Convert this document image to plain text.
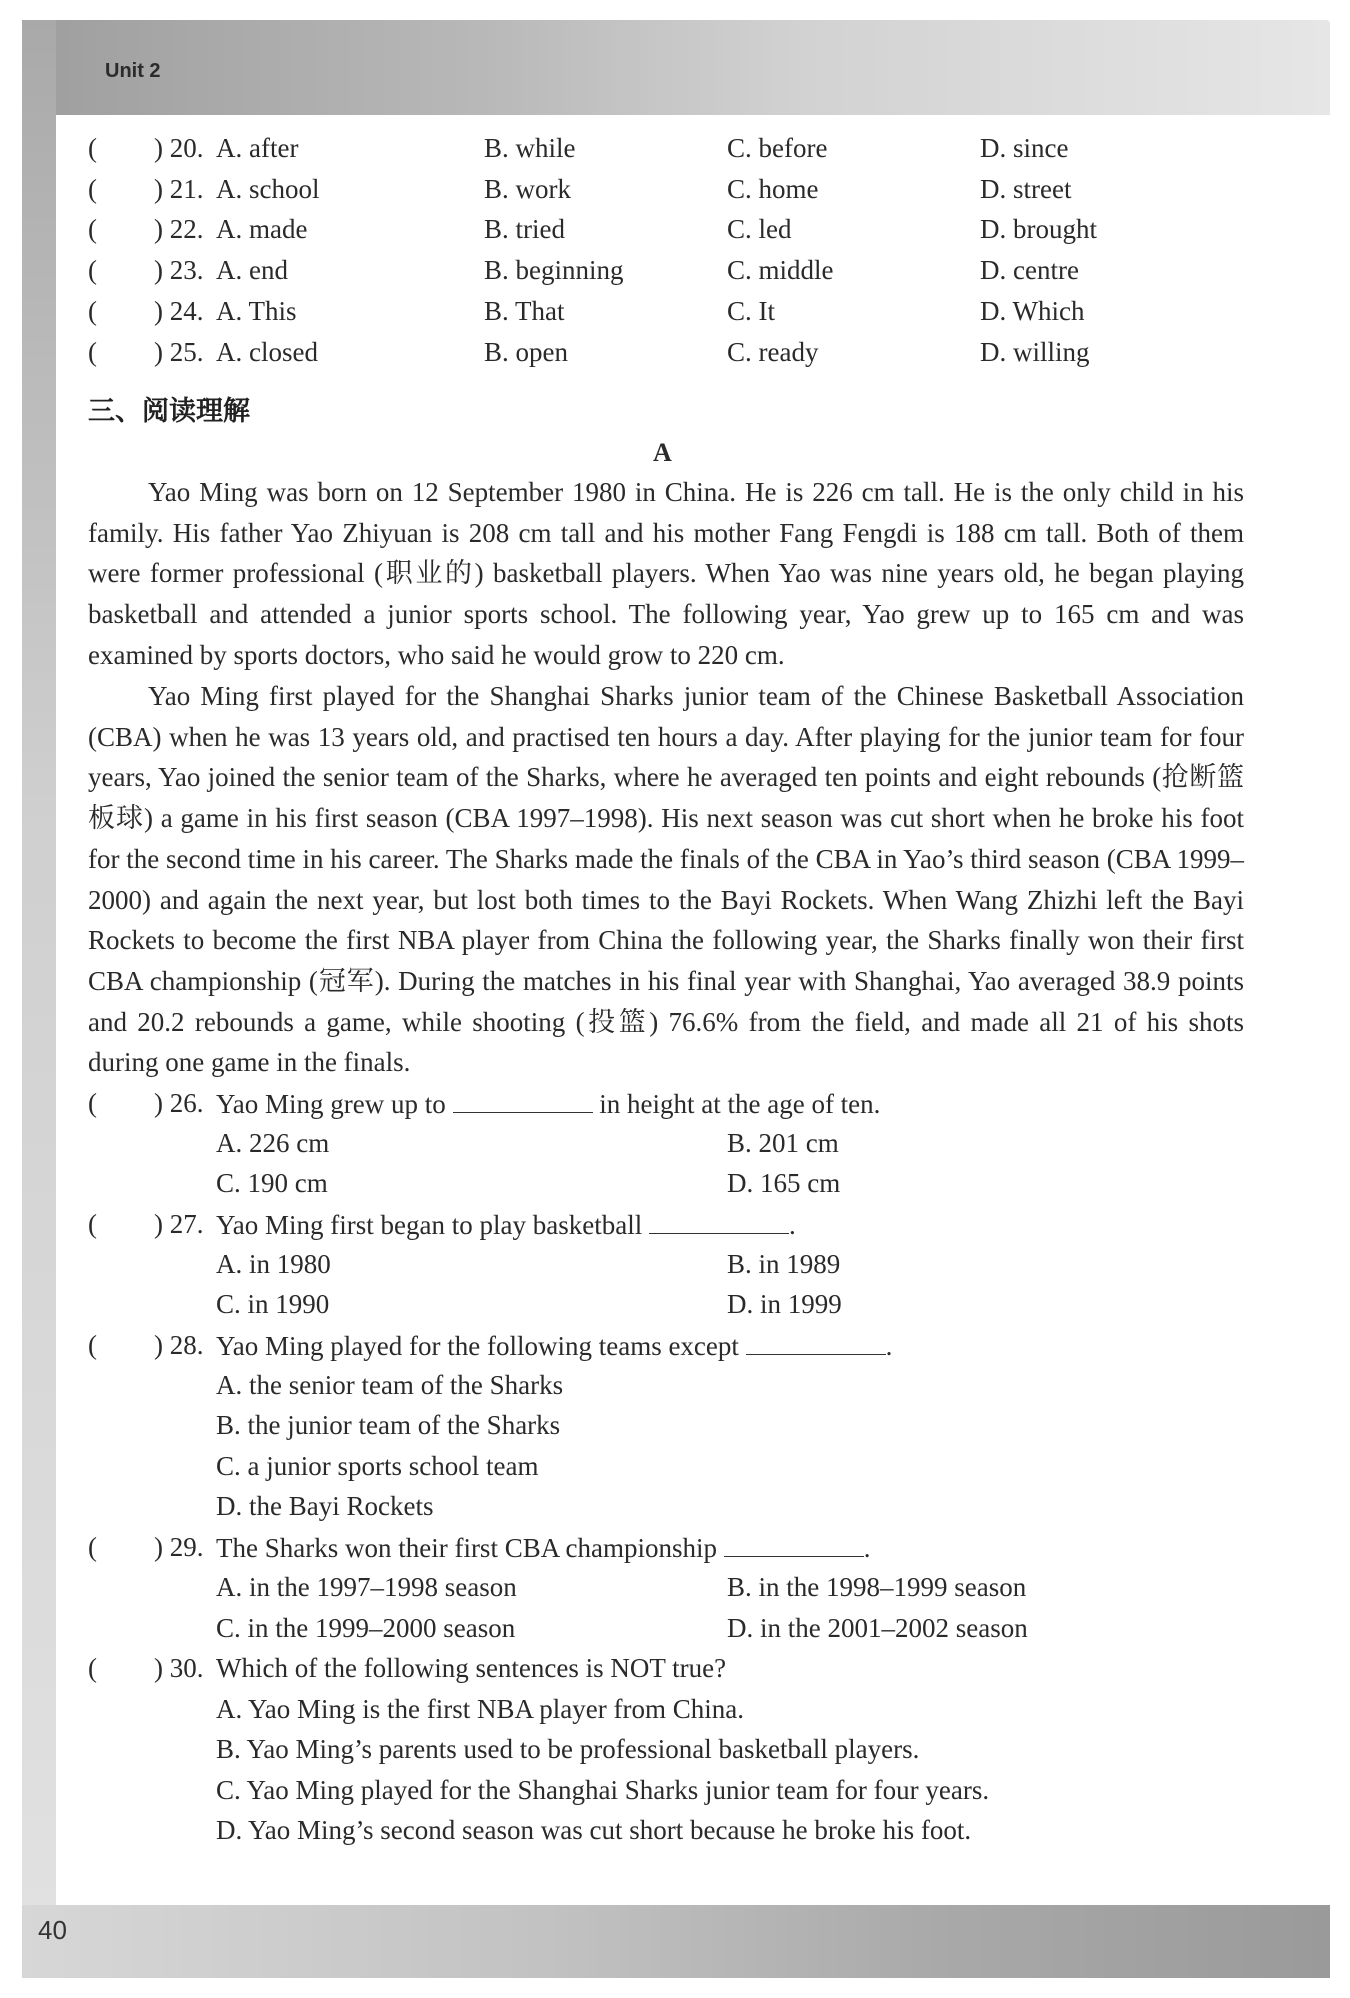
Unit 2
( ) 20. A. after	B. while	C. before	D. since
( ) 21. A. school	B. work	C. home	D. street
( ) 22. A. made	B. tried	C. led	D. brought
( ) 23. A. end	B. beginning	C. middle	D. centre
( ) 24. A. This	B. That	C. It	D. Which
( ) 25. A. closed	B. open	C. ready	D. willing
三、阅读理解
A
Yao Ming was born on 12 September 1980 in China. He is 226 cm tall. He is the only child in his family. His father Yao Zhiyuan is 208 cm tall and his mother Fang Fengdi is 188 cm tall. Both of them were former professional (职业的) basketball players. When Yao was nine years old, he began playing basketball and attended a junior sports school. The following year, Yao grew up to 165 cm and was examined by sports doctors, who said he would grow to 220 cm.
Yao Ming first played for the Shanghai Sharks junior team of the Chinese Basketball Association (CBA) when he was 13 years old, and practised ten hours a day. After playing for the junior team for four years, Yao joined the senior team of the Sharks, where he averaged ten points and eight rebounds (抢断篮板球) a game in his first season (CBA 1997–1998). His next season was cut short when he broke his foot for the second time in his career. The Sharks made the finals of the CBA in Yao’s third season (CBA 1999–2000) and again the next year, but lost both times to the Bayi Rockets. When Wang Zhizhi left the Bayi Rockets to become the first NBA player from China the following year, the Sharks finally won their first CBA championship (冠军). During the matches in his final year with Shanghai, Yao averaged 38.9 points and 20.2 rebounds a game, while shooting (投篮) 76.6% from the field, and made all 21 of his shots during one game in the finals.
( ) 26. Yao Ming grew up to	in height at the age of ten.
A. 226 cm	B. 201 cm
C. 190 cm	D. 165 cm
( ) 27. Yao Ming first began to play basketball	.
A. in 1980	B. in 1989
C. in 1990	D. in 1999
( ) 28. Yao Ming played for the following teams except	.
A. the senior team of the Sharks
B. the junior team of the Sharks
C. a junior sports school team
D. the Bayi Rockets
( ) 29. The Sharks won their first CBA championship	.
A. in the 1997–1998 season	B. in the 1998–1999 season
C. in the 1999–2000 season	D. in the 2001–2002 season
( ) 30. Which of the following sentences is NOT true?
A. Yao Ming is the first NBA player from China.
B. Yao Ming’s parents used to be professional basketball players.
C. Yao Ming played for the Shanghai Sharks junior team for four years.
D. Yao Ming’s second season was cut short because he broke his foot.
40
